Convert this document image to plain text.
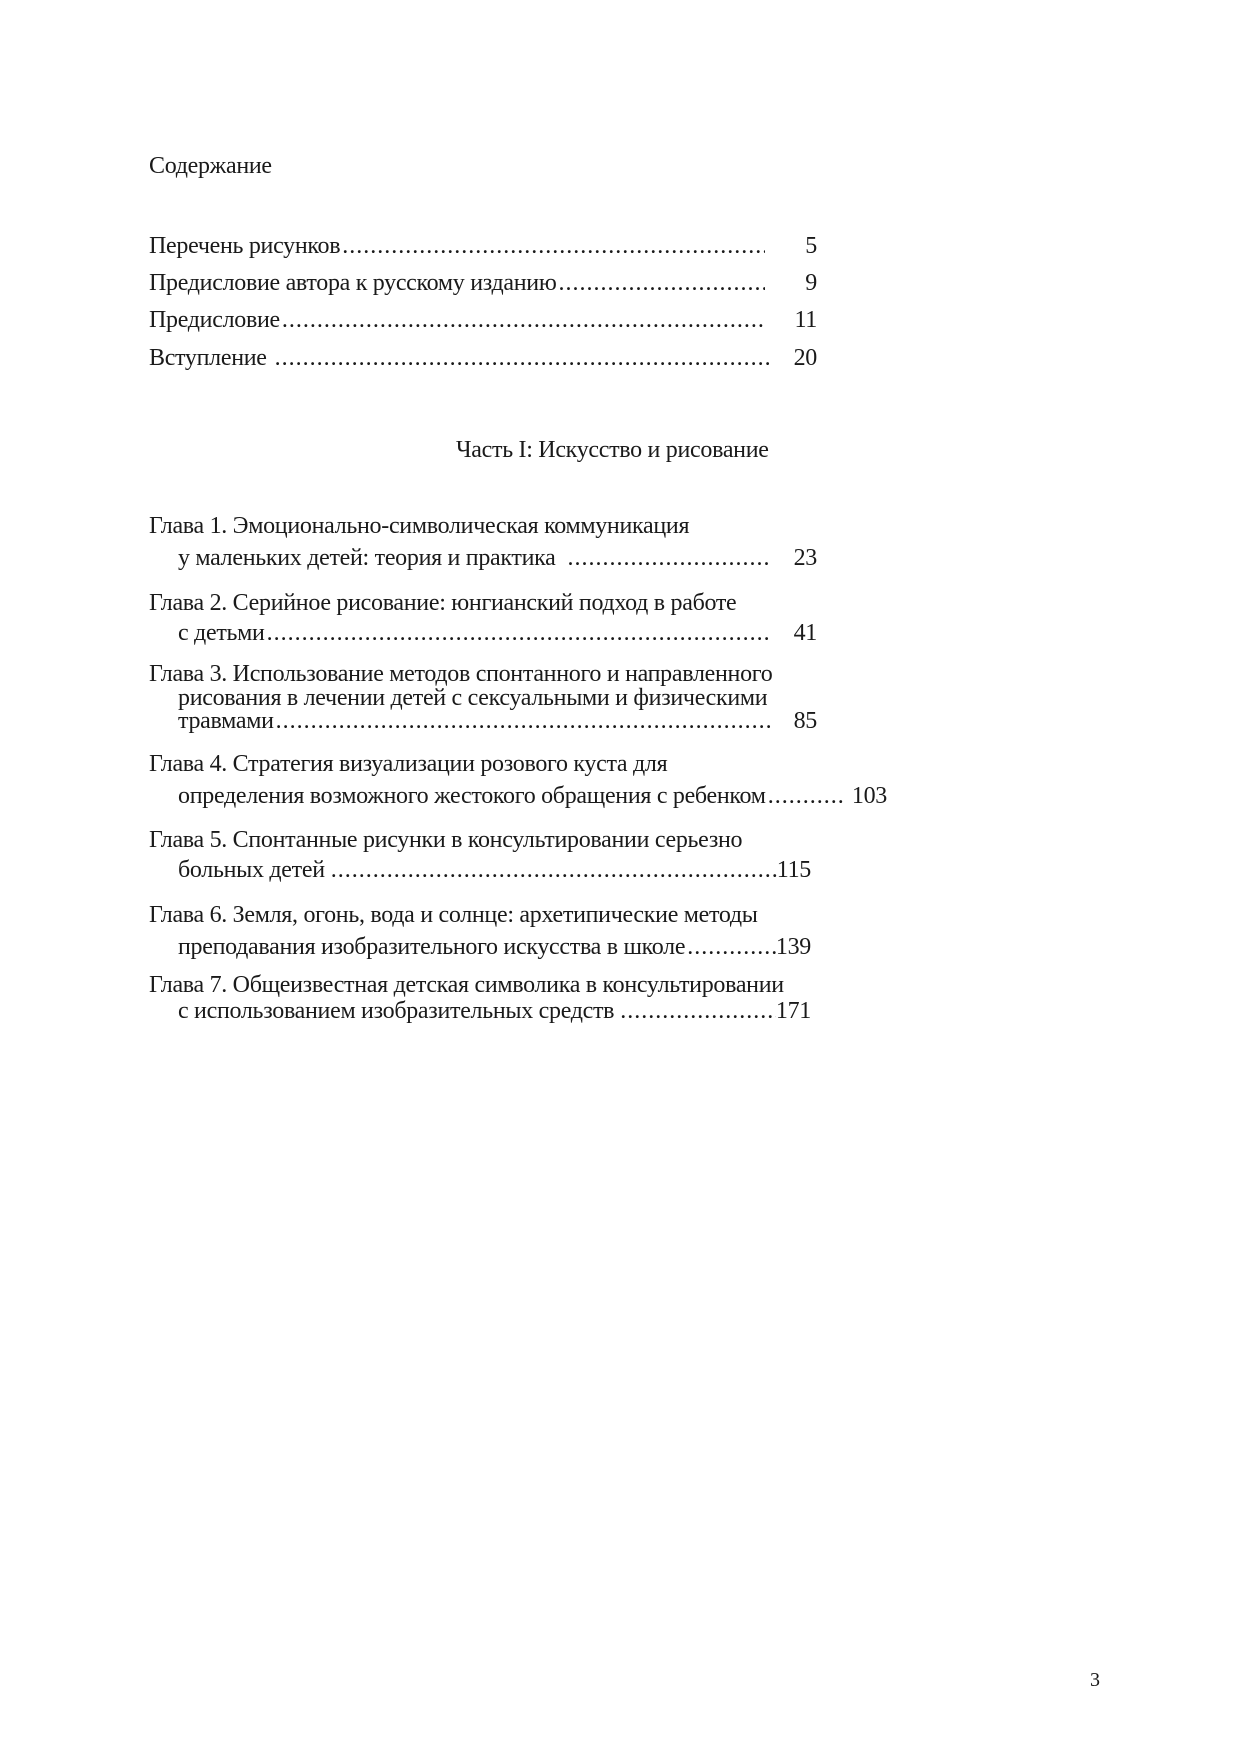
Содержание
Перечень рисунков .....	5
Предисловие автора к русскому изданию .....	9
Предисловие .....	11
Вступление .....	20
Часть I: Искусство и рисование
Глава 1. Эмоционально-символическая коммуникация
у маленьких детей: теория и практика .....	23
Глава 2. Серийное рисование: юнгианский подход в работе
с детьми .....	41
Глава 3. Использование методов спонтанного и направленного
рисования в лечении детей с сексуальными и физическими
травмами .....	85
Глава 4. Стратегия визуализации розового куста для
определения возможного жестокого обращения с ребенком .....	103
Глава 5. Спонтанные рисунки в консультировании серьезно
больных детей .....	115
Глава 6. Земля, огонь, вода и солнце: архетипические методы
преподавания изобразительного искусства в школе .....	139
Глава 7. Общеизвестная детская символика в консультировании
с использованием изобразительных средств .....	171
3
